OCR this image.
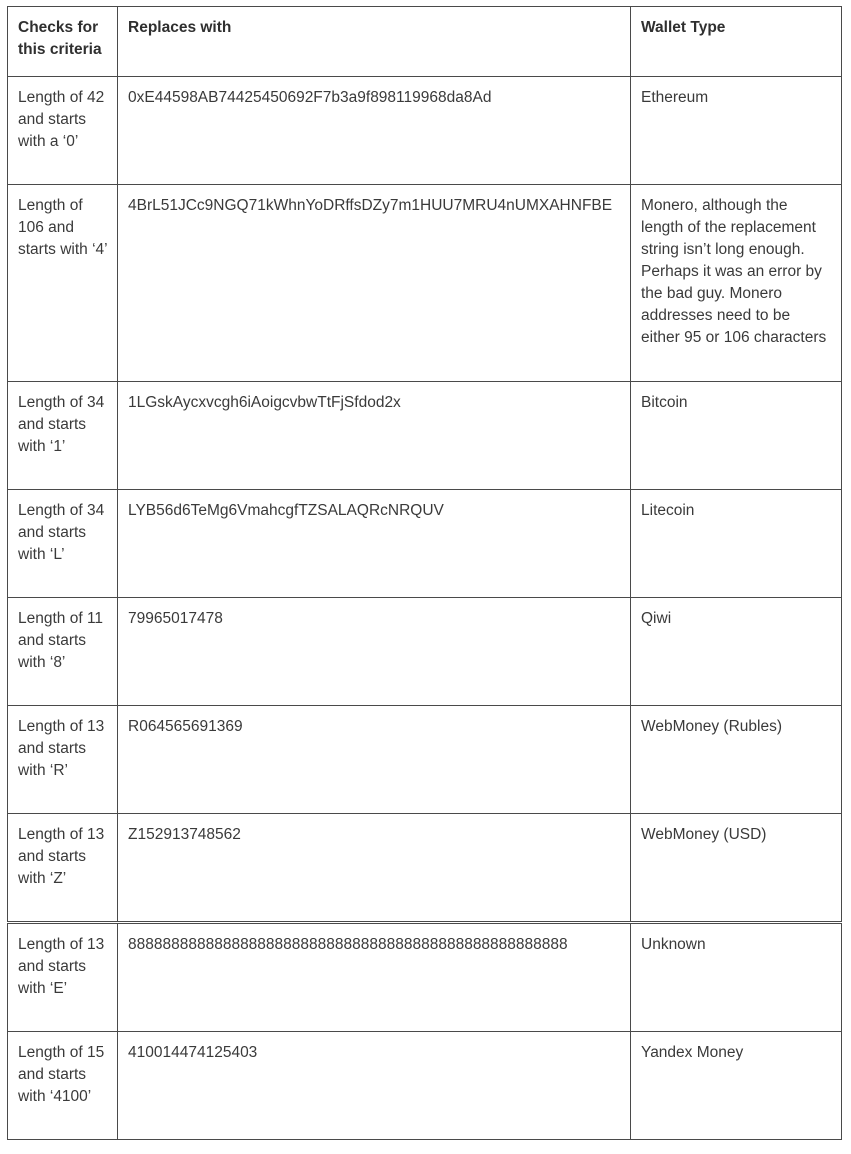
Checks for this criteria	Replaces with	Wallet Type
Length of 42 and starts with a ‘0’	0xE44598AB74425450692F7b3a9f898119968da8Ad	Ethereum
Length of 106 and starts with ‘4’	4BrL51JCc9NGQ71kWhnYoDRffsDZy7m1HUU7MRU4nUMXAHNFBE	Monero, although the length of the replacement string isn’t long enough. Perhaps it was an error by the bad guy. Monero addresses need to be either 95 or 106 characters
Length of 34 and starts with ‘1’	1LGskAycxvcgh6iAoigcvbwTtFjSfdod2x	Bitcoin
Length of 34 and starts with ‘L’	LYB56d6TeMg6VmahcgfTZSALAQRcNRQUV	Litecoin
Length of 11 and starts with ‘8’	79965017478	Qiwi
Length of 13 and starts with ‘R’	R064565691369	WebMoney (Rubles)
Length of 13 and starts with ‘Z’	Z152913748562	WebMoney (USD)
Length of 13 and starts with ‘E’	888888888888888888888888888888888888888888888888888	Unknown
Length of 15 and starts with ‘4100’	410014474125403	Yandex Money
